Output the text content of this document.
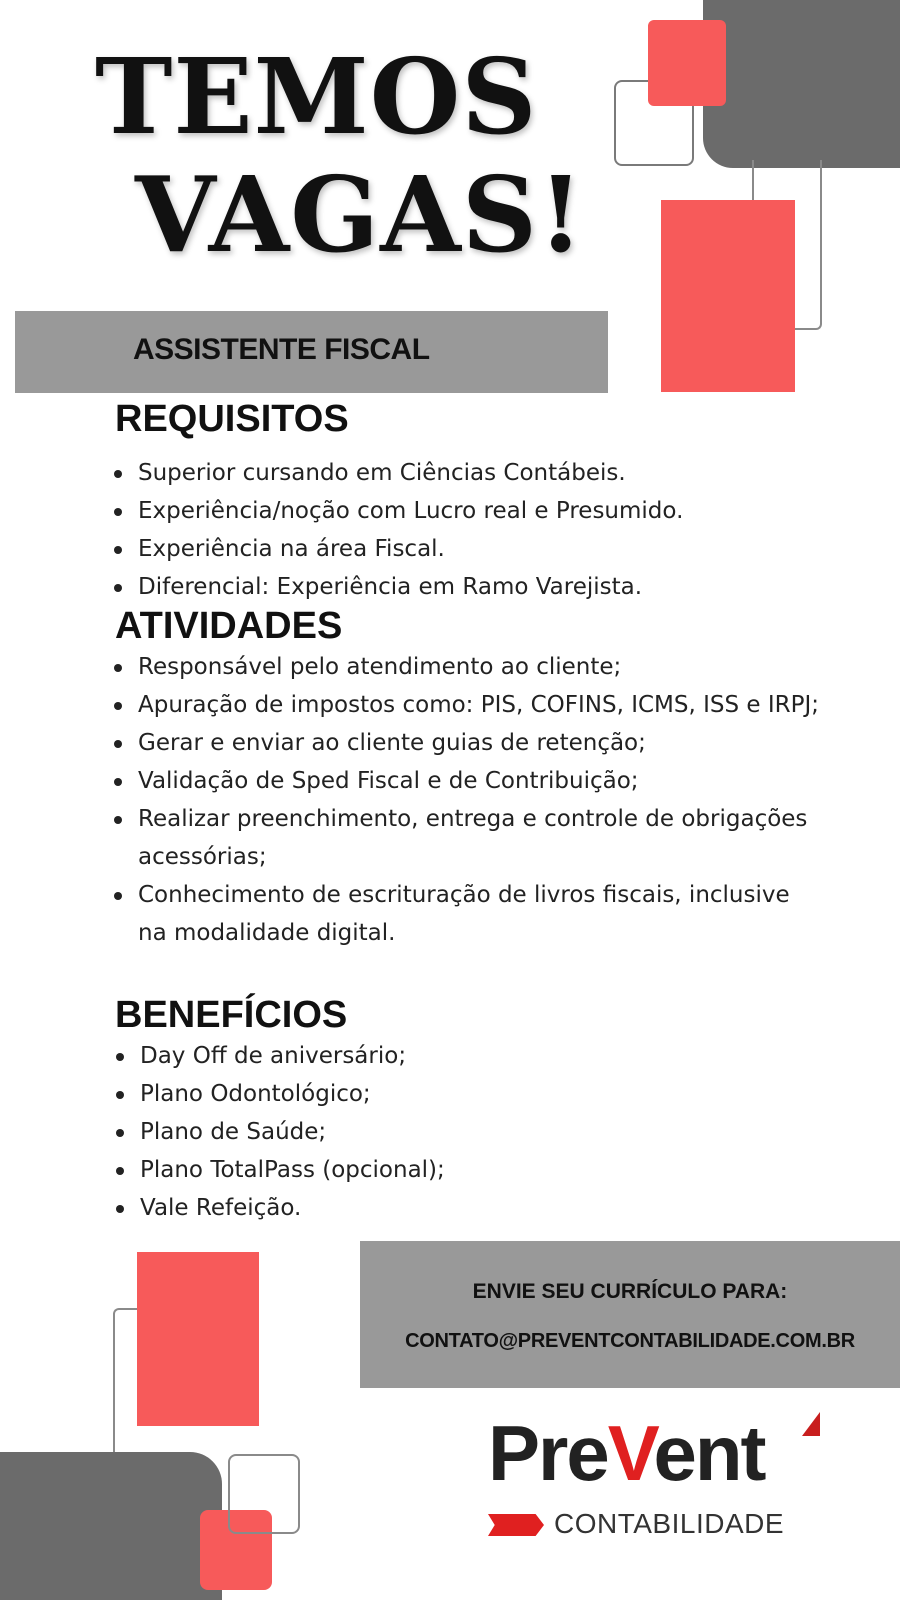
TEMOS
VAGAS!
ASSISTENTE FISCAL
REQUISITOS
Superior cursando em Ciências Contábeis.
Experiência/noção com Lucro real e Presumido.
Experiência na área Fiscal.
Diferencial: Experiência em Ramo Varejista.
ATIVIDADES
Responsável pelo atendimento ao cliente;
Apuração de impostos como: PIS, COFINS, ICMS, ISS e IRPJ;
Gerar e enviar ao cliente guias de retenção;
Validação de Sped Fiscal e de Contribuição;
Realizar preenchimento, entrega e controle de obrigações acessórias;
Conhecimento de escrituração de livros fiscais, inclusive na modalidade digital.
BENEFÍCIOS
Day Off de aniversário;
Plano Odontológico;
Plano de Saúde;
Plano TotalPass (opcional);
Vale Refeição.
ENVIE SEU CURRÍCULO PARA:
CONTATO@PREVENTCONTABILIDADE.COM.BR
PreVent
CONTABILIDADE
